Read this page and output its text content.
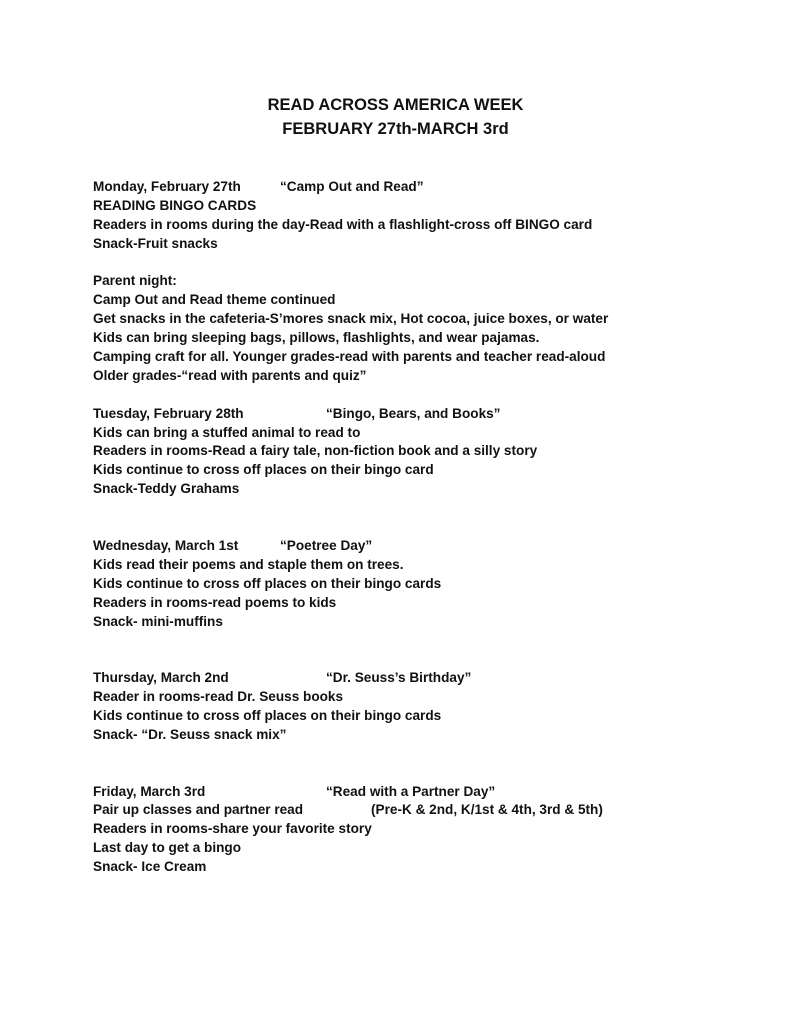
READ ACROSS AMERICA WEEK

FEBRUARY 27th-MARCH 3rd

Monday, February 27th	“Camp Out and Read”
READING BINGO CARDS
Readers in rooms during the day-Read with a flashlight-cross off BINGO card
Snack-Fruit snacks
Parent night:
Camp Out and Read theme continued
Get snacks in the cafeteria-S’mores snack mix, Hot cocoa, juice boxes, or water
Kids can bring sleeping bags, pillows, flashlights, and wear pajamas.
Camping craft for all. Younger grades-read with parents and teacher read-aloud
Older grades-“read with parents and quiz”
Tuesday, February 28th	“Bingo, Bears, and Books”
Kids can bring a stuffed animal to read to
Readers in rooms-Read a fairy tale, non-fiction book and a silly story
Kids continue to cross off places on their bingo card
Snack-Teddy Grahams
Wednesday, March 1st	“Poetree Day”
Kids read their poems and staple them on trees.
Kids continue to cross off places on their bingo cards
Readers in rooms-read poems to kids
Snack- mini-muffins
Thursday, March 2nd	“Dr. Seuss’s Birthday”
Reader in rooms-read Dr. Seuss books
Kids continue to cross off places on their bingo cards
Snack- “Dr. Seuss snack mix”
Friday, March 3rd	“Read with a Partner Day”
Pair up classes and partner read	(Pre-K & 2nd, K/1st & 4th, 3rd & 5th)
Readers in rooms-share your favorite story
Last day to get a bingo
Snack- Ice Cream
